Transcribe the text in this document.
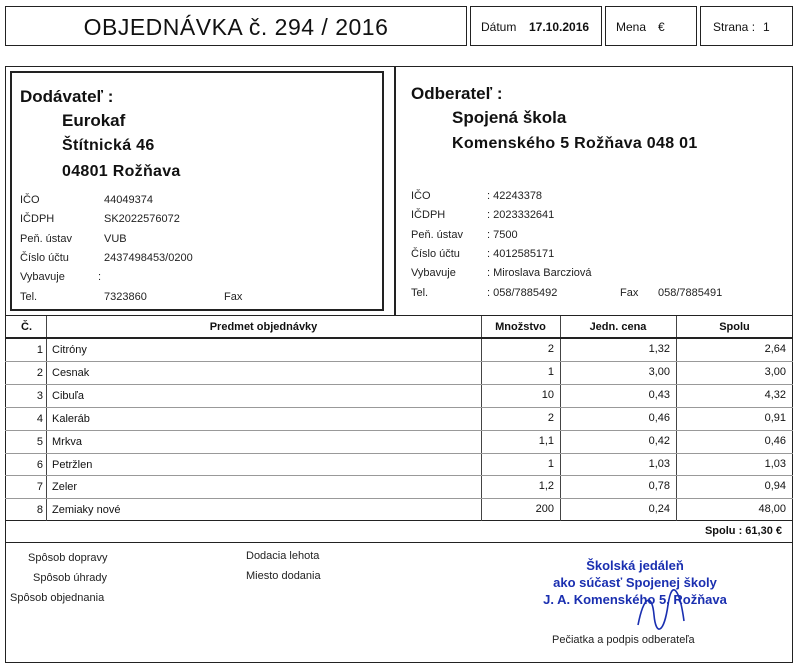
OBJEDNÁVKA č. 294 / 2016	Dátum 17.10.2016 Mena €	Strana : 1
Dodávateľ :
Eurokaf
Štítnická 46
04801 Rožňava
IČO	44049374
IČDPH	SK2022576072
Peň. ústav	VUB
Číslo účtu	2437498453/0200
Vybavuje	:
Tel.	7323860	Fax
Odberateľ :
Spojená škola
Komenského 5 Rožňava 048 01
IČO	: 42243378
IČDPH	: 2023332641
Peň. ústav : 7500
Číslo účtu : 4012585171
Vybavuje	: Miroslava Barcziová
Tel.	: 058/7885492	Fax 058/7885491
Č.	Predmet objednávky	Množstvo	Jedn. cena	Spolu
1 Citróny	2	1,32	2,64
2 Cesnak	1	3,00	3,00
3 Cibuľa	10	0,43	4,32
4 Kaleráb	2	0,46	0,91
5 Mrkva	1,1	0,42	0,46
6 Petržlen	1	1,03	1,03
7 Zeler	1,2	0,78	0,94
8 Zemiaky nové	200	0,24	48,00
Spolu : 61,30 €
Spôsob dopravy
Spôsob úhrady
Spôsob objednania
Dodacia lehota
Miesto dodania
Školská jedáleň
ako súčasť Spojenej školy
J. A. Komenského 5, Rožňava
Pečiatka a podpis odberateľa
